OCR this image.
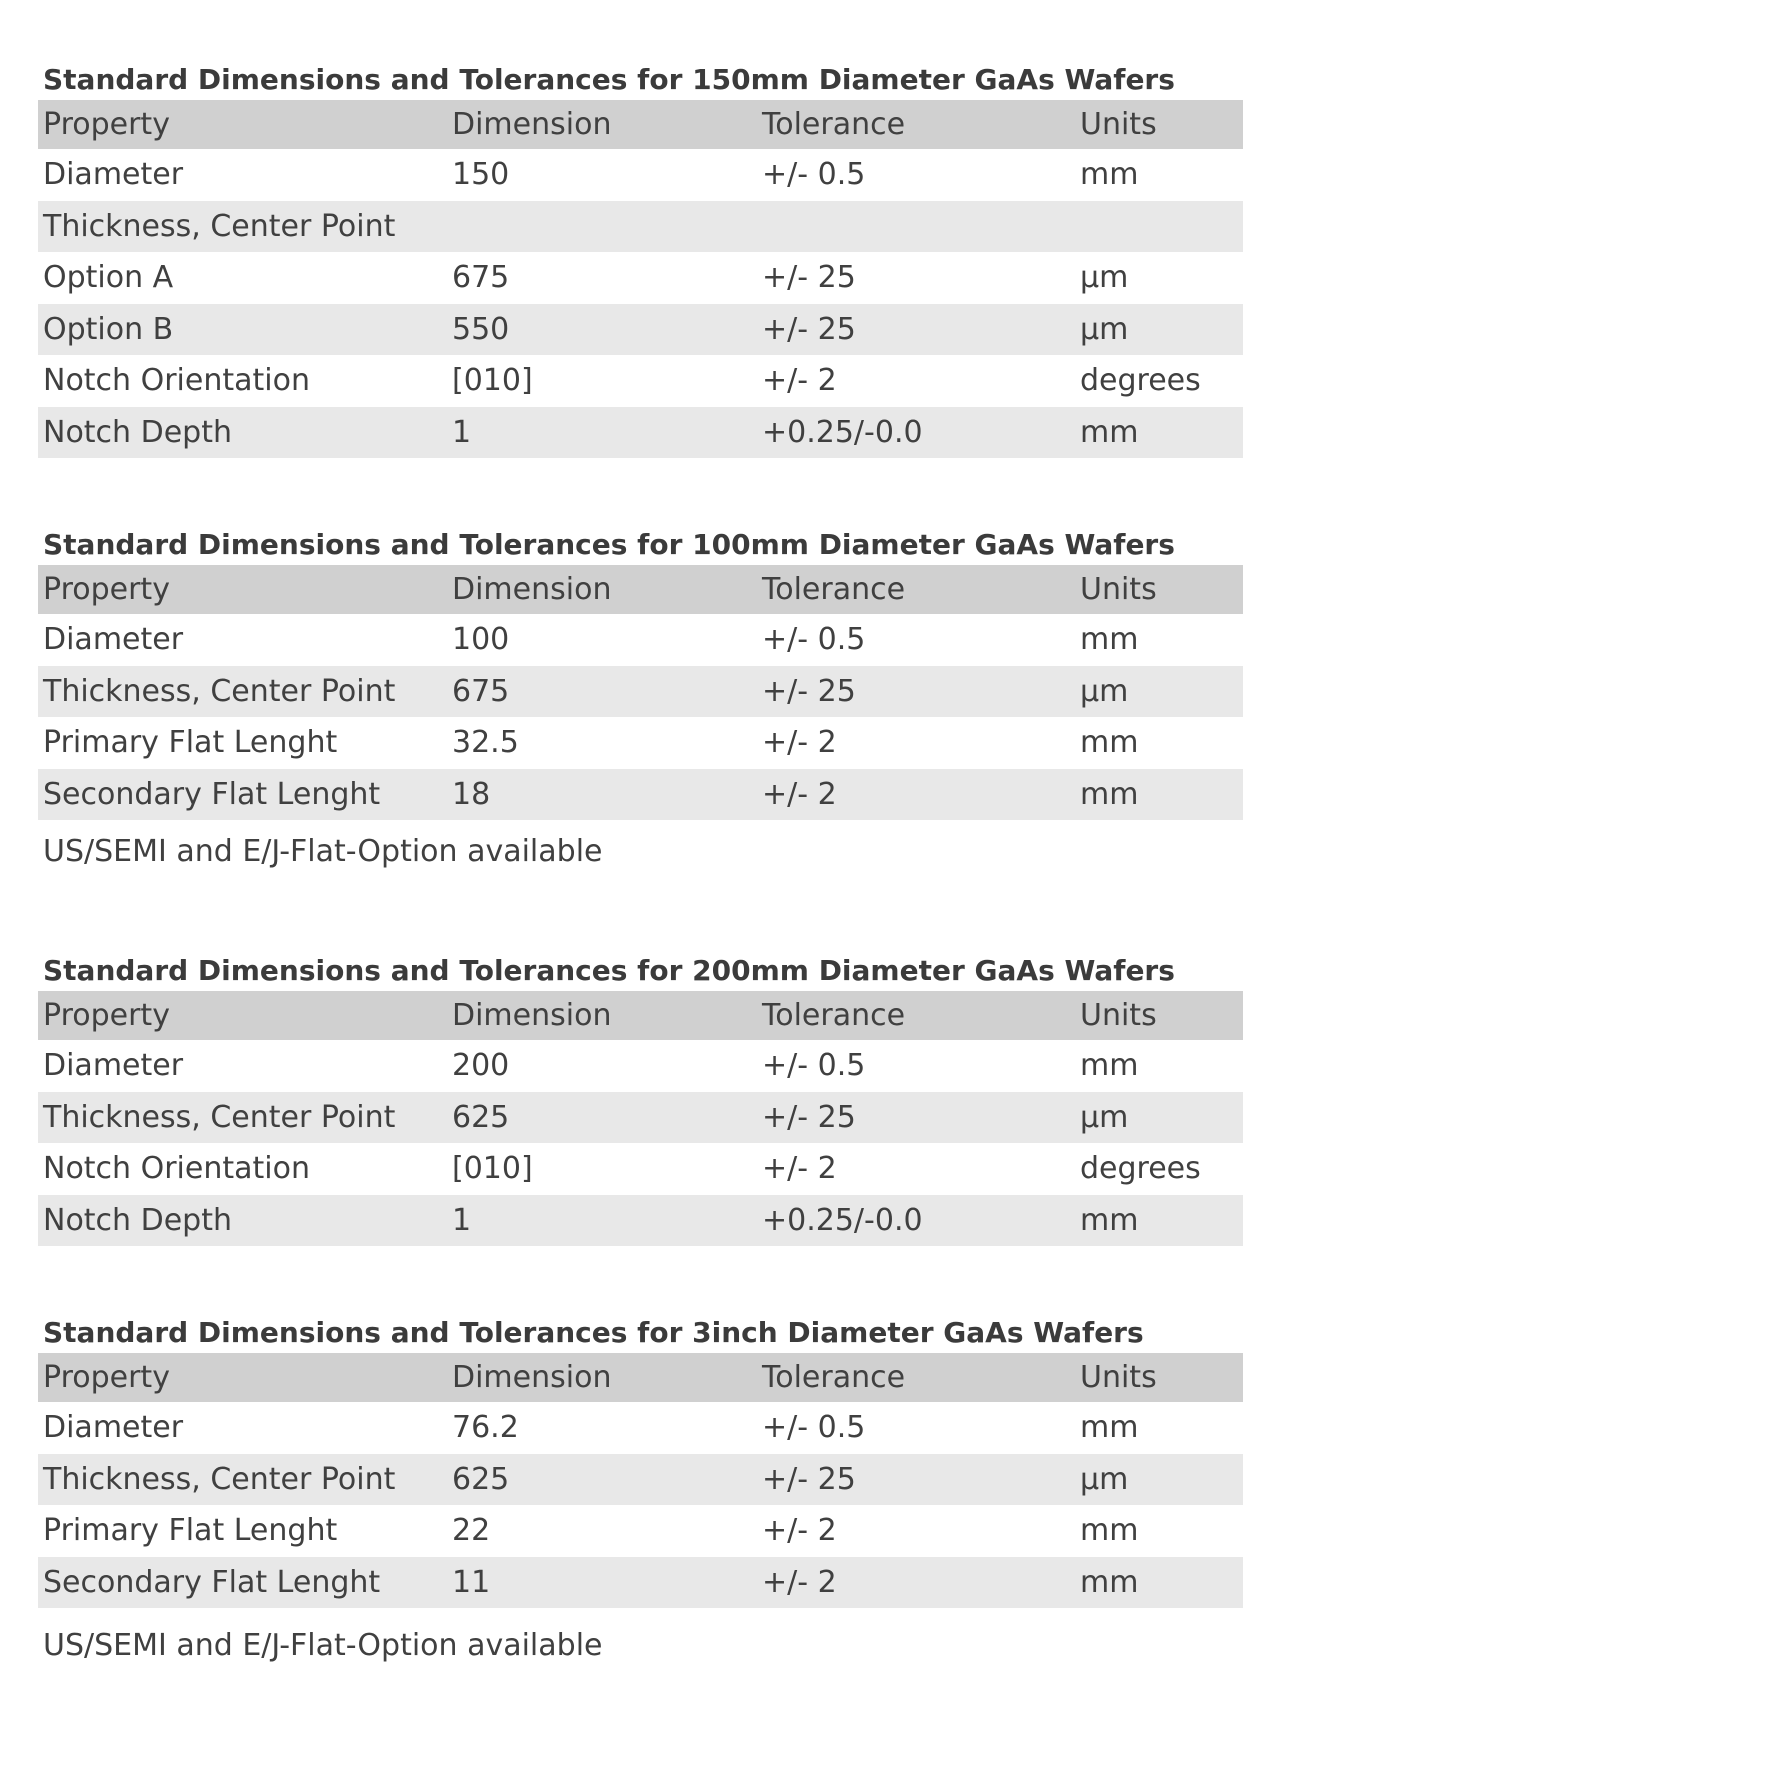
Standard Dimensions and Tolerances for 150mm Diameter GaAs Wafers
Property	Dimension	Tolerance	Units
Diameter	150	+/- 0.5	mm
Thickness, Center Point
Option A	675	+/- 25	µm
Option B	550	+/- 25	µm
Notch Orientation	[010]	+/- 2	degrees
Notch Depth	1	+0.25/-0.0	mm
Standard Dimensions and Tolerances for 100mm Diameter GaAs Wafers
Property	Dimension	Tolerance	Units
Diameter	100	+/- 0.5	mm
Thickness, Center Point	675	+/- 25	µm
Primary Flat Lenght	32.5	+/- 2	mm
Secondary Flat Lenght	18	+/- 2	mm
US/SEMI and E/J-Flat-Option available
Standard Dimensions and Tolerances for 200mm Diameter GaAs Wafers
Property	Dimension	Tolerance	Units
Diameter	200	+/- 0.5	mm
Thickness, Center Point	625	+/- 25	µm
Notch Orientation	[010]	+/- 2	degrees
Notch Depth	1	+0.25/-0.0	mm
Standard Dimensions and Tolerances for 3inch Diameter GaAs Wafers
Property	Dimension	Tolerance	Units
Diameter	76.2	+/- 0.5	mm
Thickness, Center Point	625	+/- 25	µm
Primary Flat Lenght	22	+/- 2	mm
Secondary Flat Lenght	11	+/- 2	mm
US/SEMI and E/J-Flat-Option available
